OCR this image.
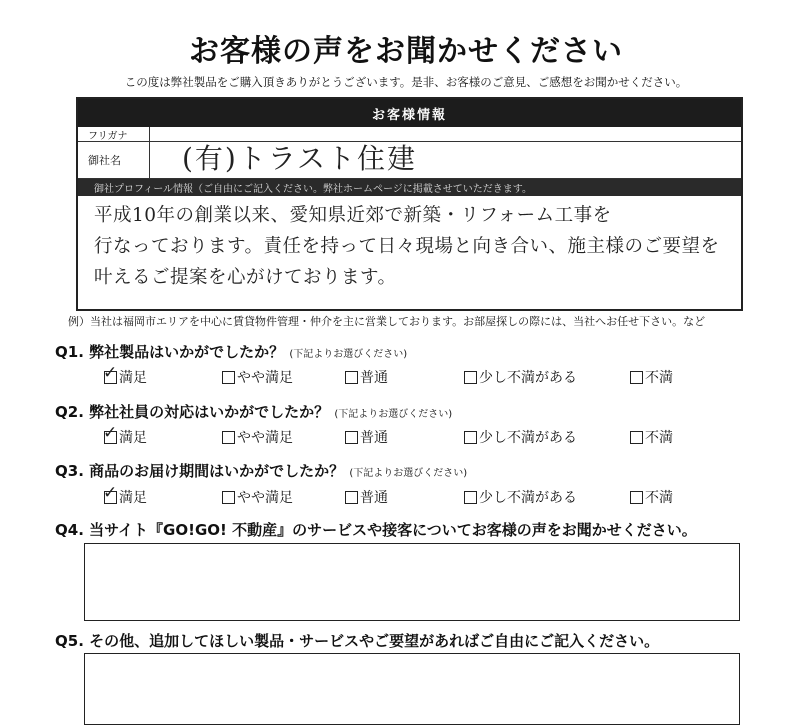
お客様の声をお聞かせください
この度は弊社製品をご購入頂きありがとうございます。是非、お客様のご意見、ご感想をお聞かせください。
お客様情報
フリガナ
御社名	(有)トラスト住建
御社プロフィール情報（ご自由にご記入ください。弊社ホームページに掲載させていただきます。
平成10年の創業以来、愛知県近郊で新築・リフォーム工事を
行なっております。責任を持って日々現場と向き合い、施主様のご要望を
叶えるご提案を心がけております。
例）当社は福岡市エリアを中心に賃貸物件管理・仲介を主に営業しております。お部屋探しの際には、当社へお任せ下さい。など
Q1. 弊社製品はいかがでしたか？ (下記よりお選びください)
✓ 満足	やや満足	普通	少し不満がある	不満
Q2. 弊社社員の対応はいかがでしたか？ (下記よりお選びください)
✓ 満足	やや満足	普通	少し不満がある	不満
Q3. 商品のお届け期間はいかがでしたか？ (下記よりお選びください)
✓ 満足	やや満足	普通	少し不満がある	不満
Q4. 当サイト『GO!GO! 不動産』のサービスや接客についてお客様の声をお聞かせください。
Q5. その他、追加してほしい製品・サービスやご要望があればご自由にご記入ください。
